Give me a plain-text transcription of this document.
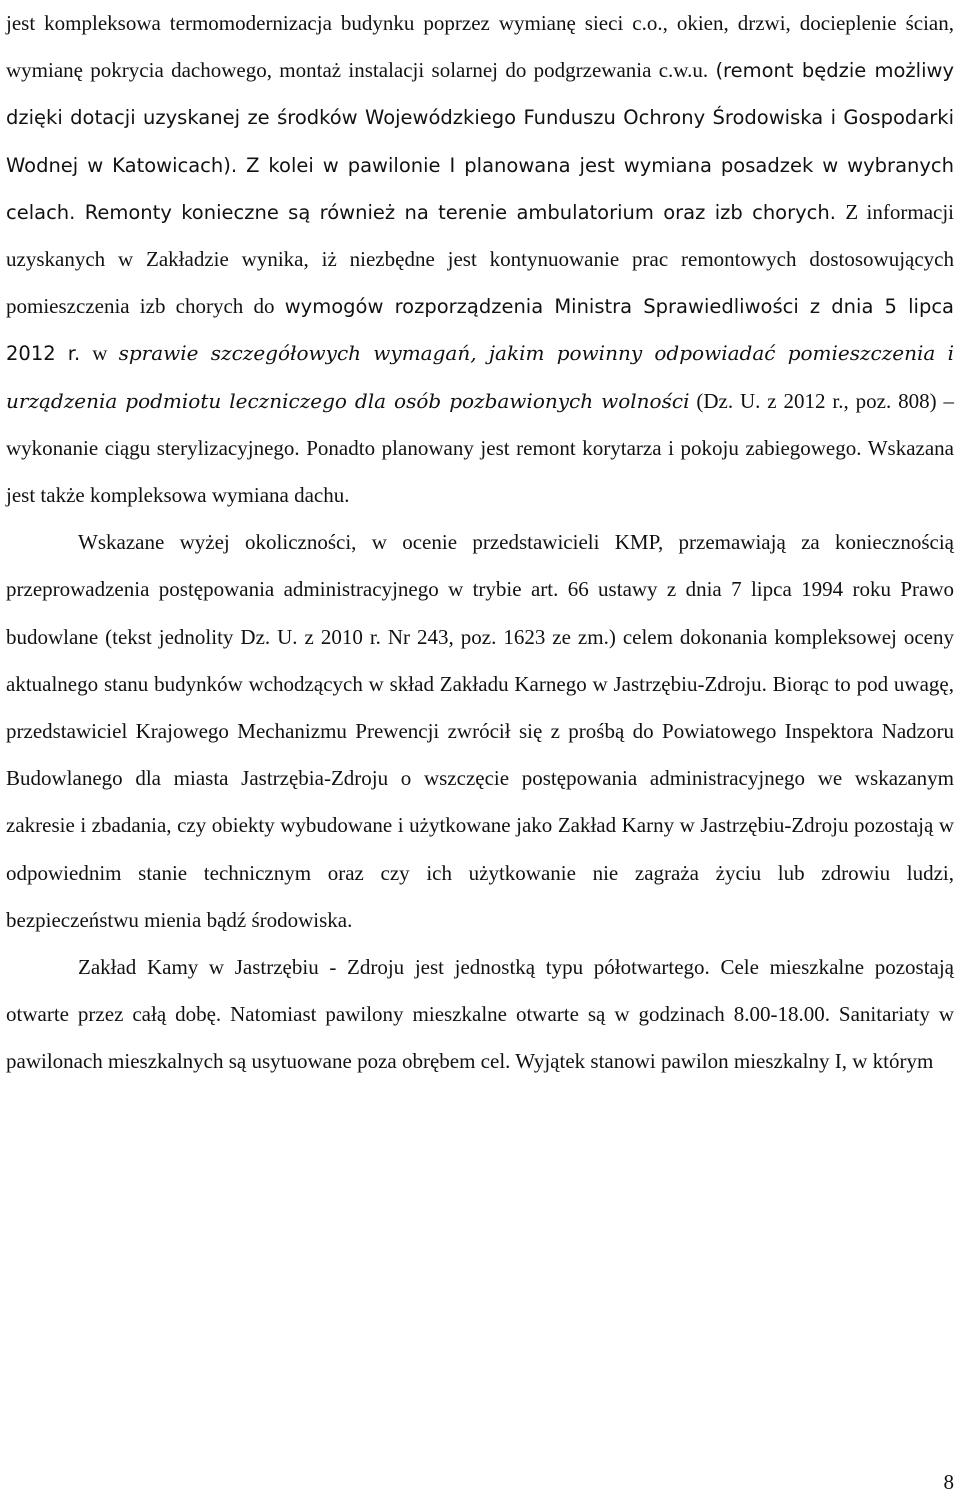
jest kompleksowa termomodernizacja budynku poprzez wymianę sieci c.o., okien, drzwi, docieplenie ścian, wymianę pokrycia dachowego, montaż instalacji solarnej do podgrzewania c.w.u. (remont będzie możliwy dzięki dotacji uzyskanej ze środków Wojewódzkiego Funduszu Ochrony Środowiska i Gospodarki Wodnej w Katowicach). Z kolei w pawilonie I planowana jest wymiana posadzek w wybranych celach. Remonty konieczne są również na terenie ambulatorium oraz izb chorych. Z informacji uzyskanych w Zakładzie wynika, iż niezbędne jest kontynuowanie prac remontowych dostosowujących pomieszczenia izb chorych do wymogów rozporządzenia Ministra Sprawiedliwości z dnia 5 lipca 2012 r. w sprawie szczegółowych wymagań, jakim powinny odpowiadać pomieszczenia i urządzenia podmiotu leczniczego dla osób pozbawionych wolności (Dz. U. z 2012 r., poz. 808) – wykonanie ciągu sterylizacyjnego. Ponadto planowany jest remont korytarza i pokoju zabiegowego. Wskazana jest także kompleksowa wymiana dachu.

Wskazane wyżej okoliczności, w ocenie przedstawicieli KMP, przemawiają za koniecznością przeprowadzenia postępowania administracyjnego w trybie art. 66 ustawy z dnia 7 lipca 1994 roku Prawo budowlane (tekst jednolity Dz. U. z 2010 r. Nr 243, poz. 1623 ze zm.) celem dokonania kompleksowej oceny aktualnego stanu budynków wchodzących w skład Zakładu Karnego w Jastrzębiu-Zdroju. Biorąc to pod uwagę, przedstawiciel Krajowego Mechanizmu Prewencji zwrócił się z prośbą do Powiatowego Inspektora Nadzoru Budowlanego dla miasta Jastrzębia-Zdroju o wszczęcie postępowania administracyjnego we wskazanym zakresie i zbadania, czy obiekty wybudowane i użytkowane jako Zakład Karny w Jastrzębiu-Zdroju pozostają w odpowiednim stanie technicznym oraz czy ich użytkowanie nie zagraża życiu lub zdrowiu ludzi, bezpieczeństwu mienia bądź środowiska.

Zakład Kamy w Jastrzębiu - Zdroju jest jednostką typu półotwartego. Cele mieszkalne pozostają otwarte przez całą dobę. Natomiast pawilony mieszkalne otwarte są w godzinach 8.00-18.00. Sanitariaty w pawilonach mieszkalnych są usytuowane poza obrębem cel. Wyjątek stanowi pawilon mieszkalny I, w którym

8
